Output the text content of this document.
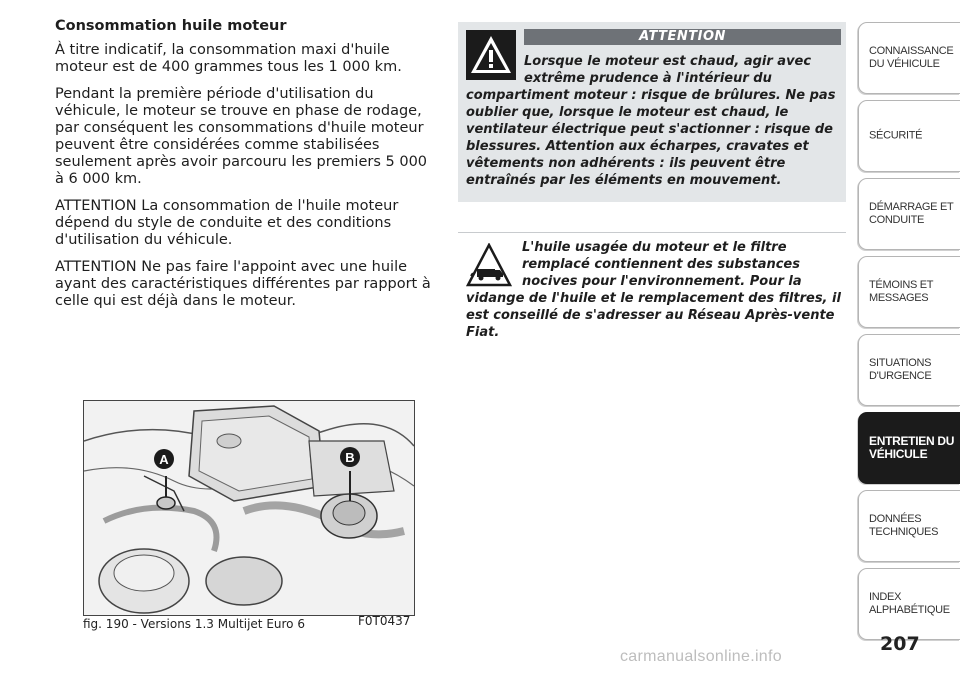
Consommation huile moteur

À titre indicatif, la consommation maxi d'huile moteur est de 400 grammes tous les 1 000 km.

Pendant la première période d'utilisation du véhicule, le moteur se trouve en phase de rodage, par conséquent les consommations d'huile moteur peuvent être considérées comme stabilisées seulement après avoir parcouru les premiers 5 000 à 6 000 km.

ATTENTION La consommation de l'huile moteur dépend du style de conduite et des conditions d'utilisation du véhicule.

ATTENTION Ne pas faire l'appoint avec une huile ayant des caractéristiques différentes par rapport à celle qui est déjà dans le moteur.

ATTENTION
Lorsque le moteur est chaud, agir avec extrême prudence à l'intérieur du compartiment moteur : risque de brûlures. Ne pas oublier que, lorsque le moteur est chaud, le ventilateur électrique peut s'actionner : risque de blessures. Attention aux écharpes, cravates et vêtements non adhérents : ils peuvent être entraînés par les éléments en mouvement.
L'huile usagée du moteur et le filtre remplacé contiennent des substances nocives pour l'environnement. Pour la vidange de l'huile et le remplacement des filtres, il est conseillé de s'adresser au Réseau Après-vente Fiat.
A	B
fig. 190 - Versions 1.3 Multijet Euro 6	F0T0437
CONNAISSANCE
DU VÉHICULE
SÉCURITÉ
DÉMARRAGE ET
CONDUITE
TÉMOINS ET
MESSAGES
SITUATIONS
D'URGENCE
ENTRETIEN DU
VÉHICULE
DONNÉES
TECHNIQUES
INDEX
ALPHABÉTIQUE
207
carmanualsonline.info
